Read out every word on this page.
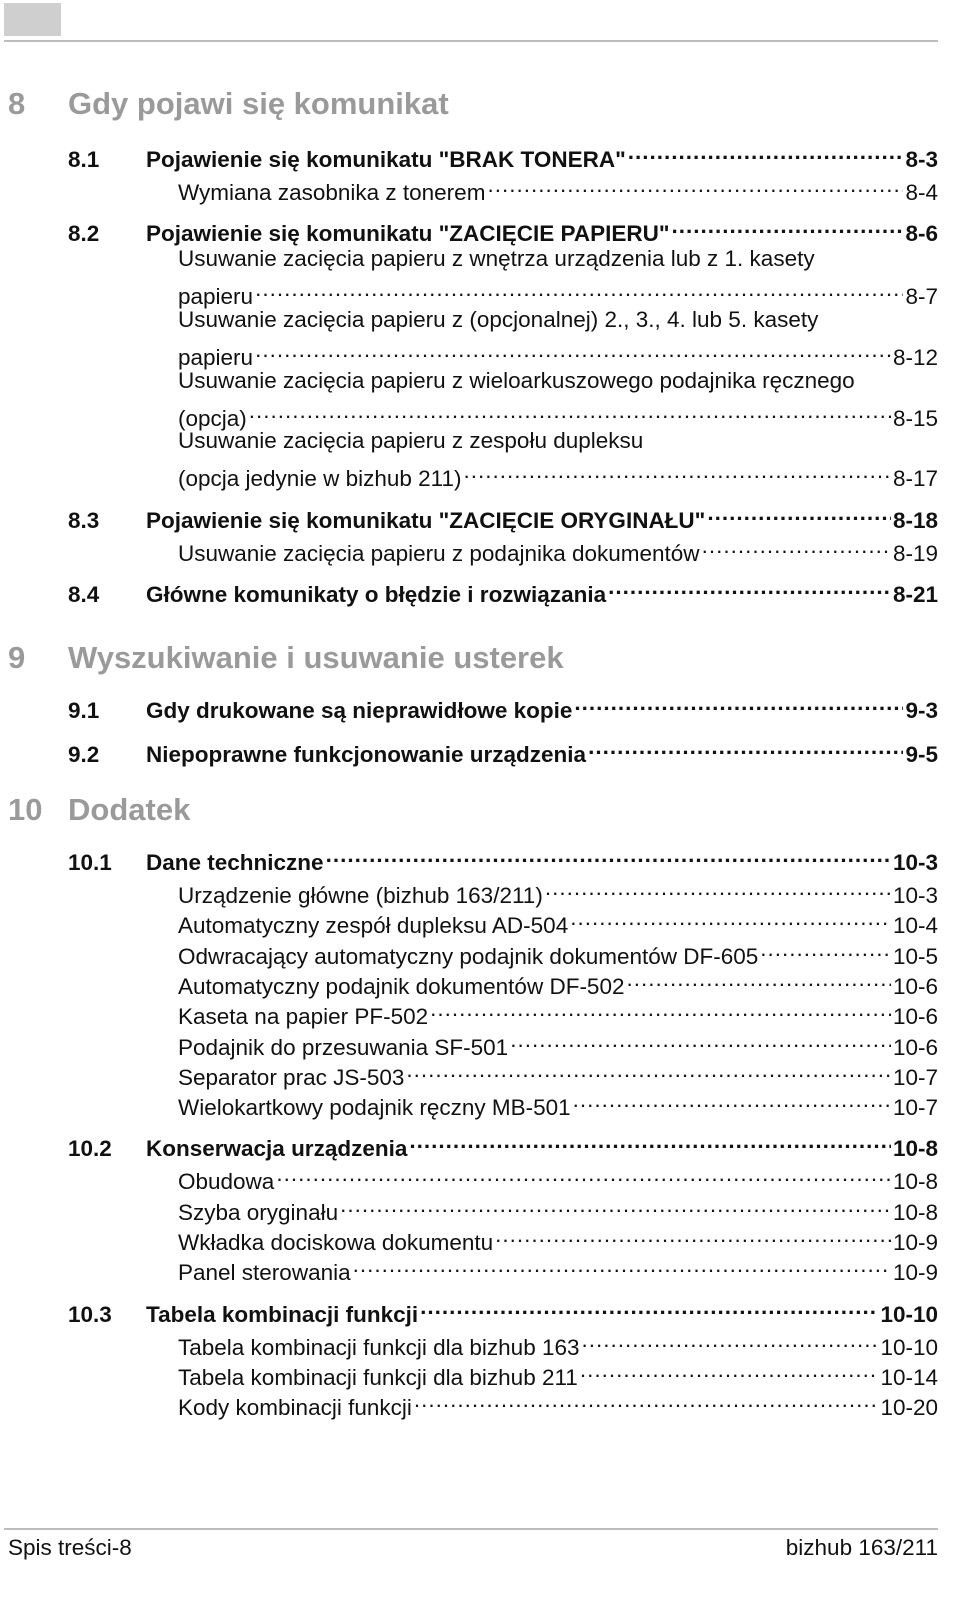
8	Gdy pojawi się komunikat
8.1	Pojawienie się komunikatu "BRAK TONERA" .....	8-3
Wymiana zasobnika z tonerem .....	8-4
8.2	Pojawienie się komunikatu "ZACIĘCIE PAPIERU" .....	8-6
Usuwanie zacięcia papieru z wnętrza urządzenia lub z 1. kasety
papieru .....	8-7
Usuwanie zacięcia papieru z (opcjonalnej) 2., 3., 4. lub 5. kasety
papieru .....	8-12
Usuwanie zacięcia papieru z wieloarkuszowego podajnika ręcznego
(opcja) .....	8-15
Usuwanie zacięcia papieru z zespołu dupleksu
(opcja jedynie w bizhub 211) .....	8-17
8.3	Pojawienie się komunikatu "ZACIĘCIE ORYGINAŁU" .....	8-18
Usuwanie zacięcia papieru z podajnika dokumentów .....	8-19
8.4	Główne komunikaty o błędzie i rozwiązania .....	8-21
9	Wyszukiwanie i usuwanie usterek
9.1	Gdy drukowane są nieprawidłowe kopie .....	9-3
9.2	Niepoprawne funkcjonowanie urządzenia .....	9-5
10 Dodatek
10.1	Dane techniczne .....	10-3
Urządzenie główne (bizhub 163/211) .....	10-3
Automatyczny zespół dupleksu AD-504 .....	10-4
Odwracający automatyczny podajnik dokumentów DF-605 .....	10-5
Automatyczny podajnik dokumentów DF-502 .....	10-6
Kaseta na papier PF-502 .....	10-6
Podajnik do przesuwania SF-501 .....	10-6
Separator prac JS-503 .....	10-7
Wielokartkowy podajnik ręczny MB-501 .....	10-7
10.2	Konserwacja urządzenia .....	10-8
Obudowa .....	10-8
Szyba oryginału .....	10-8
Wkładka dociskowa dokumentu .....	10-9
Panel sterowania .....	10-9
10.3	Tabela kombinacji funkcji .....	10-10
Tabela kombinacji funkcji dla bizhub 163 .....	10-10
Tabela kombinacji funkcji dla bizhub 211 .....	10-14
Kody kombinacji funkcji .....	10-20
Spis treści-8	bizhub 163/211
